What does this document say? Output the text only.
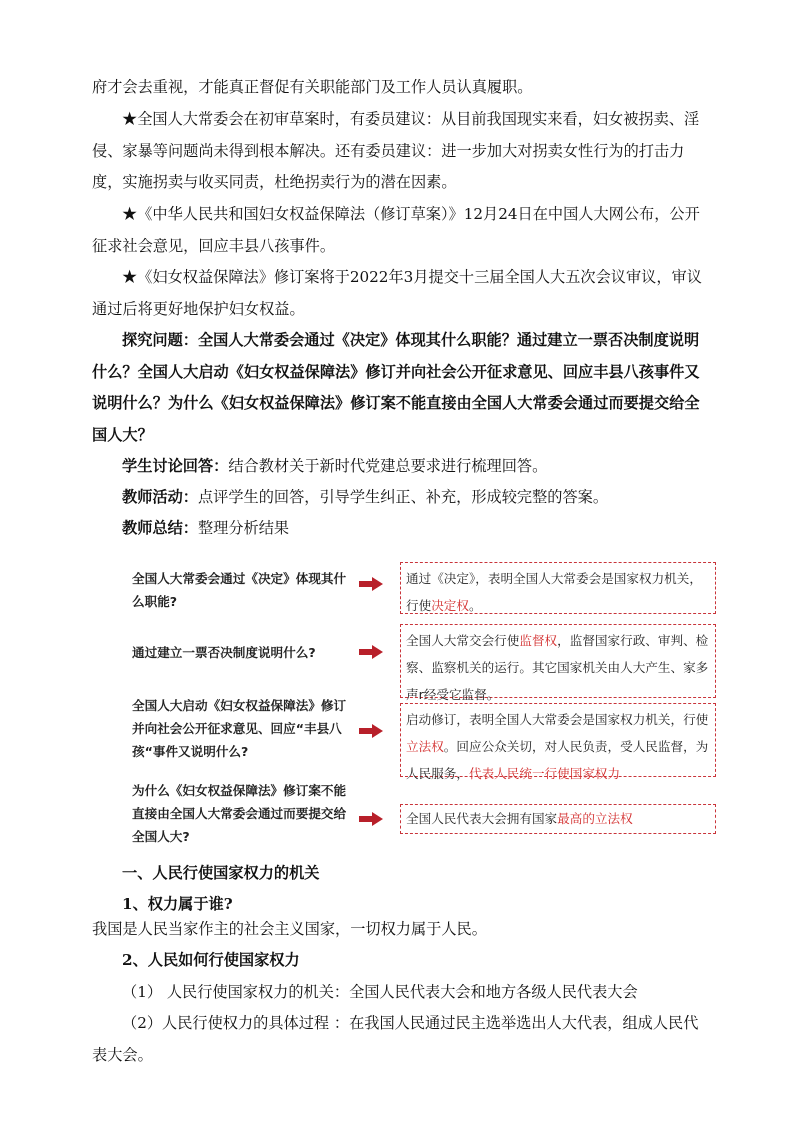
府才会去重视，才能真正督促有关职能部门及工作人员认真履职。

★全国人大常委会在初审草案时，有委员建议：从目前我国现实来看，妇女被拐卖、淫侵、家暴等问题尚未得到根本解决。还有委员建议：进一步加大对拐卖女性行为的打击力度，实施拐卖与收买同责，杜绝拐卖行为的潜在因素。

★《中华人民共和国妇女权益保障法（修订草案）》12月24日在中国人大网公布，公开征求社会意见，回应丰县八孩事件。

★《妇女权益保障法》修订案将于2022年3月提交十三届全国人大五次会议审议，审议通过后将更好地保护妇女权益。

探究问题：全国人大常委会通过《决定》体现其什么职能？通过建立一票否决制度说明什么？全国人大启动《妇女权益保障法》修订并向社会公开征求意见、回应丰县八孩事件又说明什么？为什么《妇女权益保障法》修订案不能直接由全国人大常委会通过而要提交给全国人大？

学生讨论回答：结合教材关于新时代党建总要求进行梳理回答。

教师活动：点评学生的回答，引导学生纠正、补充，形成较完整的答案。

教师总结：整理分析结果

全国人大常委会通过《决定》体现其什么职能?
通过《决定》，表明全国人大常委会是国家权力机关，行使决定权。
通过建立一票否决制度说明什么?
全国人大常交会行使监督权，监督国家行政、审判、检察、监察机关的运行。其它国家机关由人大产生、家多声r经受它监督。
全国人大启动《妇女权益保障法》修订并向社会公开征求意见、回应“丰县八孩“事件又说明什么?
启动修订，表明全国人大常委会是国家权力机关，行使立法权。回应公众关切，对人民负责，受人民监督，为人民服务，代表人民统一行使国家权力
为什么《妇女权益保障法》修订案不能直接由全国人大常委会通过而要提交给全国人大?
全国人民代表大会拥有国家最高的立法权
一、人民行使国家权力的机关
1、权力属于谁?

我国是人民当家作主的社会主义国家，一切权力属于人民。

2、人民如何行使国家权力

（1） 人民行使国家权力的机关：全国人民代表大会和地方各级人民代表大会

（2）人民行使权力的具体过程 ：在我国人民通过民主选举选出人大代表，组成人民代表大会。
